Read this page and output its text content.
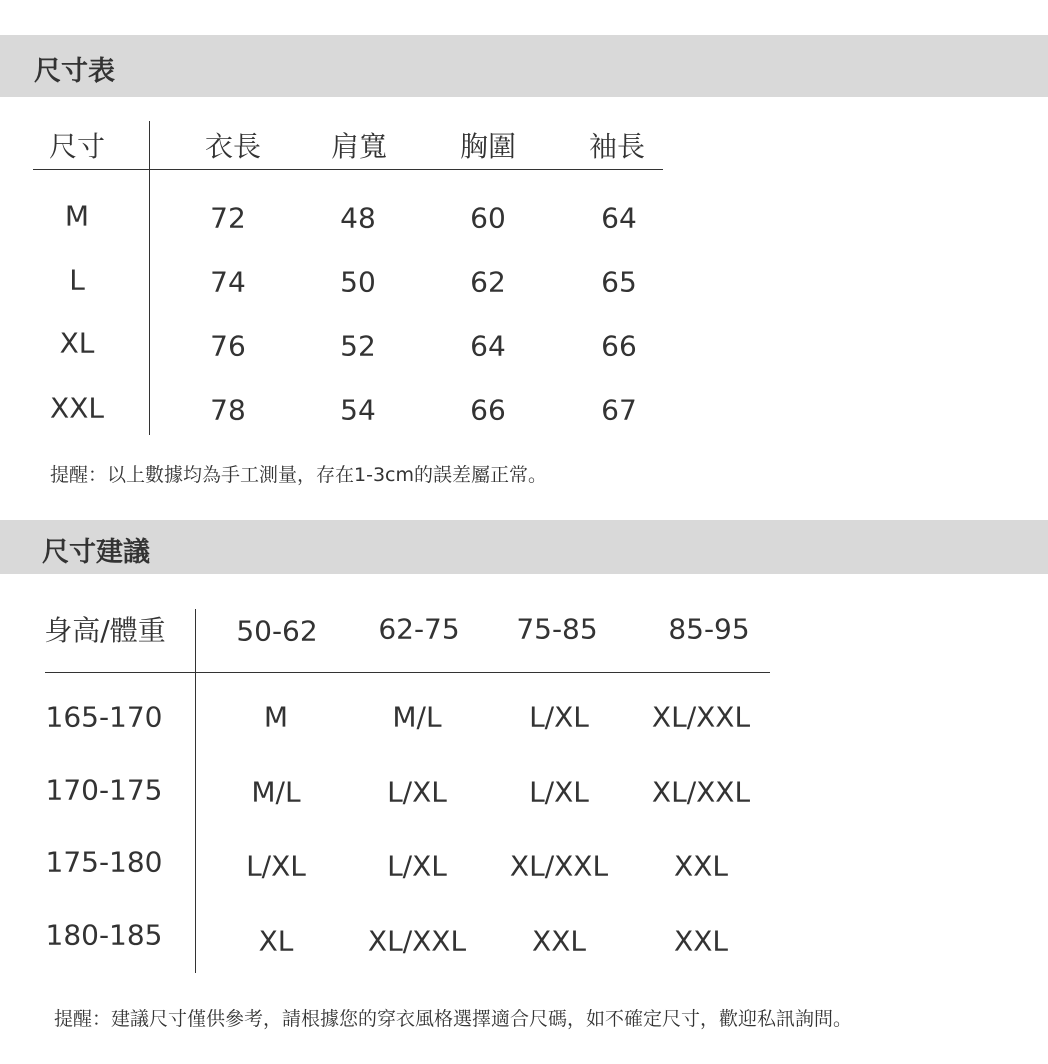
尺寸表
尺寸	衣長 肩寬	胸圍	袖長
M	72	48	60	64
L	74	50	62	65
XL	76	52	64	66
XXL	78	54	66	67
提醒：以上數據均為手工測量，存在1-3cm的誤差屬正常。
尺寸建議
身高/體重	50-62 62-75 75-85	85-95
165-170	M	M/L	L/XL XL/XXL
170-175	M/L	L/XL	L/XL XL/XXL
175-180	L/XL	L/XL XL/XXL XXL
180-185	XL	XL/XXL XXL	XXL
提醒：建議尺寸僅供參考，請根據您的穿衣風格選擇適合尺碼，如不確定尺寸，歡迎私訊詢問。
